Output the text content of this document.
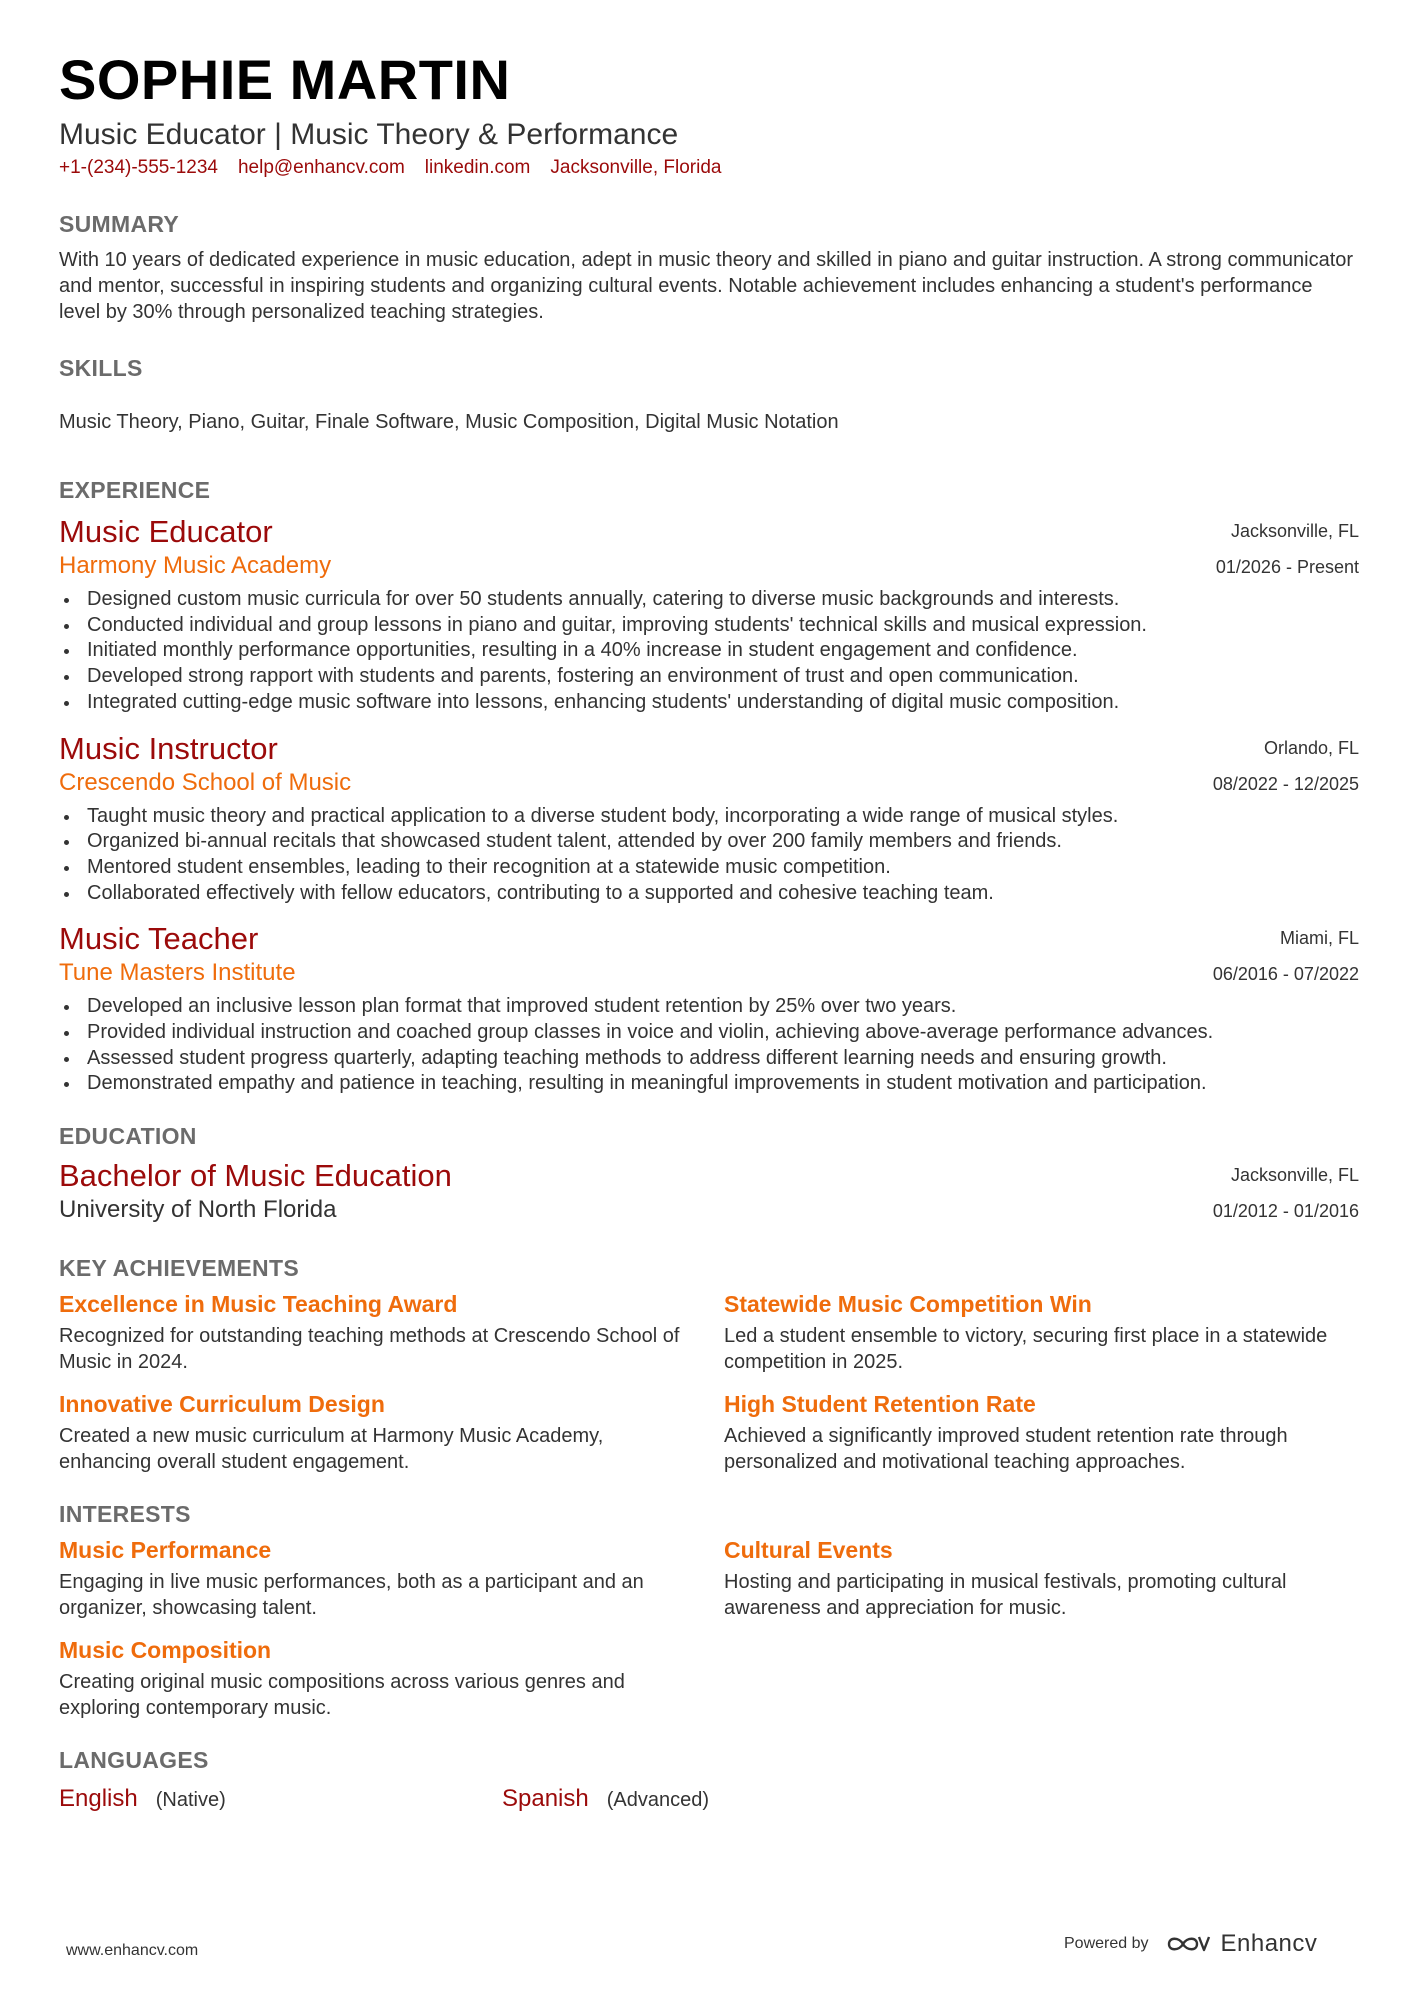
SOPHIE MARTIN
Music Educator | Music Theory & Performance
+1-(234)-555-1234 help@enhancv.com linkedin.com Jacksonville, Florida
SUMMARY
With 10 years of dedicated experience in music education, adept in music theory and skilled in piano and guitar instruction. A strong communicator and mentor, successful in inspiring students and organizing cultural events. Notable achievement includes enhancing a student's performance level by 30% through personalized teaching strategies.
SKILLS
Music Theory, Piano, Guitar, Finale Software, Music Composition, Digital Music Notation
EXPERIENCE
Music Educator
Harmony Music Academy
Jacksonville, FL
01/2026 - Present
Designed custom music curricula for over 50 students annually, catering to diverse music backgrounds and interests.
Conducted individual and group lessons in piano and guitar, improving students' technical skills and musical expression.
Initiated monthly performance opportunities, resulting in a 40% increase in student engagement and confidence.
Developed strong rapport with students and parents, fostering an environment of trust and open communication.
Integrated cutting-edge music software into lessons, enhancing students' understanding of digital music composition.
Music Instructor
Crescendo School of Music
Orlando, FL
08/2022 - 12/2025
Taught music theory and practical application to a diverse student body, incorporating a wide range of musical styles.
Organized bi-annual recitals that showcased student talent, attended by over 200 family members and friends.
Mentored student ensembles, leading to their recognition at a statewide music competition.
Collaborated effectively with fellow educators, contributing to a supported and cohesive teaching team.
Music Teacher
Tune Masters Institute
Miami, FL
06/2016 - 07/2022
Developed an inclusive lesson plan format that improved student retention by 25% over two years.
Provided individual instruction and coached group classes in voice and violin, achieving above-average performance advances.
Assessed student progress quarterly, adapting teaching methods to address different learning needs and ensuring growth.
Demonstrated empathy and patience in teaching, resulting in meaningful improvements in student motivation and participation.
EDUCATION
Bachelor of Music Education
University of North Florida
Jacksonville, FL
01/2012 - 01/2016
KEY ACHIEVEMENTS
Excellence in Music Teaching Award
Recognized for outstanding teaching methods at Crescendo School of Music in 2024.
Statewide Music Competition Win
Led a student ensemble to victory, securing first place in a statewide competition in 2025.
Innovative Curriculum Design
Created a new music curriculum at Harmony Music Academy, enhancing overall student engagement.
High Student Retention Rate
Achieved a significantly improved student retention rate through personalized and motivational teaching approaches.
INTERESTS
Music Performance
Engaging in live music performances, both as a participant and an organizer, showcasing talent.
Cultural Events
Hosting and participating in musical festivals, promoting cultural awareness and appreciation for music.
Music Composition
Creating original music compositions across various genres and exploring contemporary music.
LANGUAGES
English (Native)	Spanish (Advanced)
www.enhancv.com	Powered by	Enhancv
